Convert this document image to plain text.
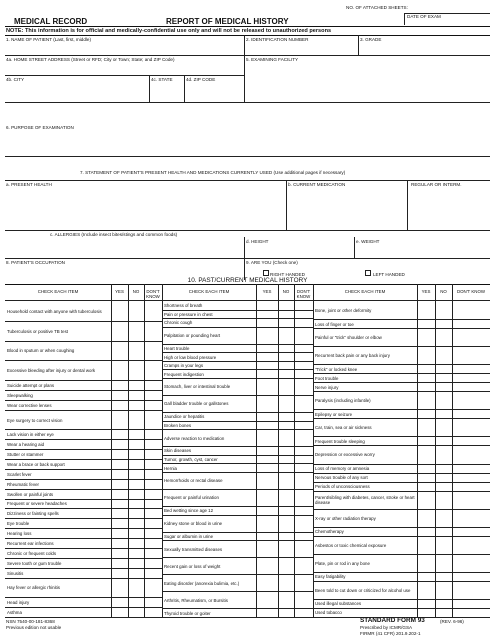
NO. OF ATTACHED SHEETS:
DATE OF EXAM
MEDICAL RECORD	REPORT OF MEDICAL HISTORY
NOTE: This information is for official and medically-confidential use only and will not be released to unauthorized persons
1. NAME OF PATIENT (Last, first, middle)	2. IDENTIFICATION NUMBER	3. GRADE
4a. HOME STREET ADDRESS (Street or RFD; City or Town; State; and ZIP Code)	5. EXAMINING FACILITY
4b. CITY	4c. STATE	4d. ZIP CODE
6. PURPOSE OF EXAMINATION
7. STATEMENT OF PATIENT'S PRESENT HEALTH AND MEDICATIONS CURRENTLY USED (Use additional pages if necessary)
a. PRESENT HEALTH	b. CURRENT MEDICATION	REGULAR OR INTERM.
c. ALLERGIES (Include insect bites/stings and common foods)
d. HEIGHT	e. WEIGHT
8. PATIENT'S OCCUPATION	9. ARE YOU (Check one)
RIGHT HANDED	LEFT HANDED
10. PAST/CURRENT MEDICAL HISTORY
CHECK EACH ITEM	YES	NO	DON'T KNOW
CHECK EACH ITEM	YES	NO	DON'T KNOW
CHECK EACH ITEM	YES	NO	DON'T KNOW
Household contact with anyone with tuberculosis
Tuberculosis or positive TB test
Blood in sputum or when coughing
Excessive bleeding after injury or dental work
Suicide attempt or plans
Sleepwalking
Wear corrective lenses
Eye surgery to correct vision
Lack vision in either eye
Wear a hearing aid
Stutter or stammer
Wear a brace or back support
Scarlet fever
Rheumatic fever
Swollen or painful joints
Frequent or severe headaches
Dizziness or fainting spells
Eye trouble
Hearing loss
Recurrent ear infections
Chronic or frequent colds
Severe tooth or gum trouble
Sinusitis
Hay fever or allergic rhinitis
Head injury
Asthma
Shortness of breath
Pain or pressure in chest
Chronic cough
Palpitation or pounding heart
Heart trouble
High or low blood pressure
Cramps in your legs
Frequent indigestion
Stomach, liver or intestinal trouble
Gall bladder trouble or gallstones
Jaundice or hepatitis
Broken bones
Adverse reaction to medication
Skin diseases
Tumor, growth, cyst, cancer
Hernia
Hemorrhoids or rectal disease
Frequent or painful urination
Bed wetting since age 12
Kidney stone or blood in urine
Sugar or albumin in urine
Sexually transmitted diseases
Recent gain or loss of weight
Eating disorder (anorexia bulimia, etc.)
Arthritis, Rheumatism, or Bursitis
Thyroid trouble or goiter
Bone, joint or other deformity
Loss of finger or toe
Painful or "trick" shoulder or elbow
Recurrent back pain or any back injury
"Trick" or locked knee
Foot trouble
Nerve injury
Paralysis (including infantile)
Epilepsy or seizure
Car, train, sea or air sickness
Frequent trouble sleeping
Depression or excessive worry
Loss of memory or amnesia
Nervous trouble of any sort
Periods of unconsciousness
Parent/sibling with diabetes, cancer, stroke or heart disease
X-ray or other radiation therapy
Chemotherapy
Asbestos or toxic chemical exposure
Plate, pin or rod in any bone
Easy fatigability
Been told to cut down or criticized for alcohol use
Used illegal substances
Used tobacco
NSN 7540-00-181-8368
Previous edition not usable
STANDARD FORM 93	(REV. 6-96)
Prescribed by ICMR/GSA
FIRMR (41 CFR) 201.9.202-1
